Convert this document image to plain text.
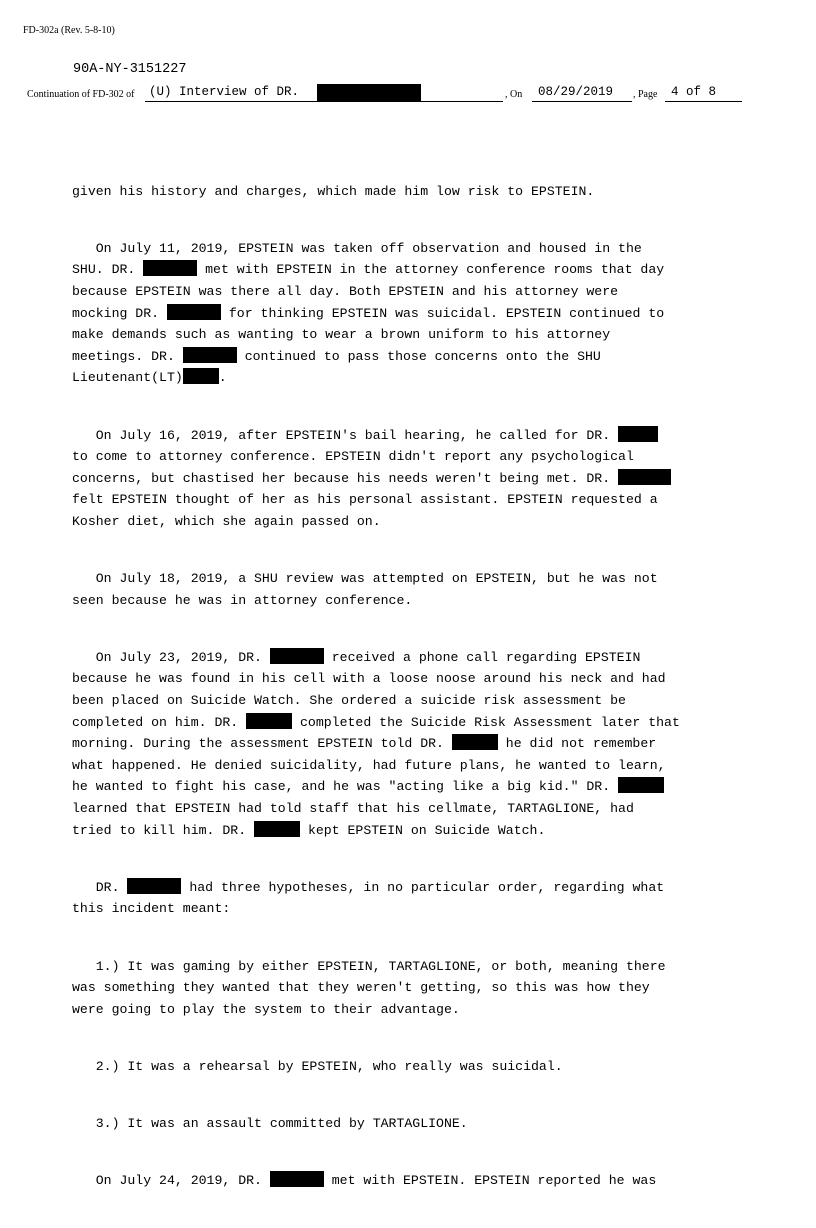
FD-302a (Rev. 5-8-10)
90A-NY-3151227
Continuation of FD-302 of (U) Interview of DR.	, On 08/29/2019 , Page 4 of 8

given his history and charges, which made him low risk to EPSTEIN.

On July 11, 2019, EPSTEIN was taken off observation and housed in the
SHU. DR.	met with EPSTEIN in the attorney conference rooms that day
because EPSTEIN was there all day. Both EPSTEIN and his attorney were
mocking DR.	for thinking EPSTEIN was suicidal. EPSTEIN continued to
make demands such as wanting to wear a brown uniform to his attorney
meetings. DR.	continued to pass those concerns onto the SHU
Lieutenant(LT)	.

On July 16, 2019, after EPSTEIN's bail hearing, he called for DR.
to come to attorney conference. EPSTEIN didn't report any psychological
concerns, but chastised her because his needs weren't being met. DR.
felt EPSTEIN thought of her as his personal assistant. EPSTEIN requested a
Kosher diet, which she again passed on.

On July 18, 2019, a SHU review was attempted on EPSTEIN, but he was not
seen because he was in attorney conference.

On July 23, 2019, DR.	received a phone call regarding EPSTEIN
because he was found in his cell with a loose noose around his neck and had
been placed on Suicide Watch. She ordered a suicide risk assessment be
completed on him. DR.	completed the Suicide Risk Assessment later that
morning. During the assessment EPSTEIN told DR.	he did not remember
what happened. He denied suicidality, had future plans, he wanted to learn,
he wanted to fight his case, and he was "acting like a big kid." DR.
learned that EPSTEIN had told staff that his cellmate, TARTAGLIONE, had
tried to kill him. DR.	kept EPSTEIN on Suicide Watch.

DR.	had three hypotheses, in no particular order, regarding what
this incident meant:

1.) It was gaming by either EPSTEIN, TARTAGLIONE, or both, meaning there
was something they wanted that they weren't getting, so this was how they
were going to play the system to their advantage.

2.) It was a rehearsal by EPSTEIN, who really was suicidal.

3.) It was an assault committed by TARTAGLIONE.

On July 24, 2019, DR.	met with EPSTEIN. EPSTEIN reported he was
